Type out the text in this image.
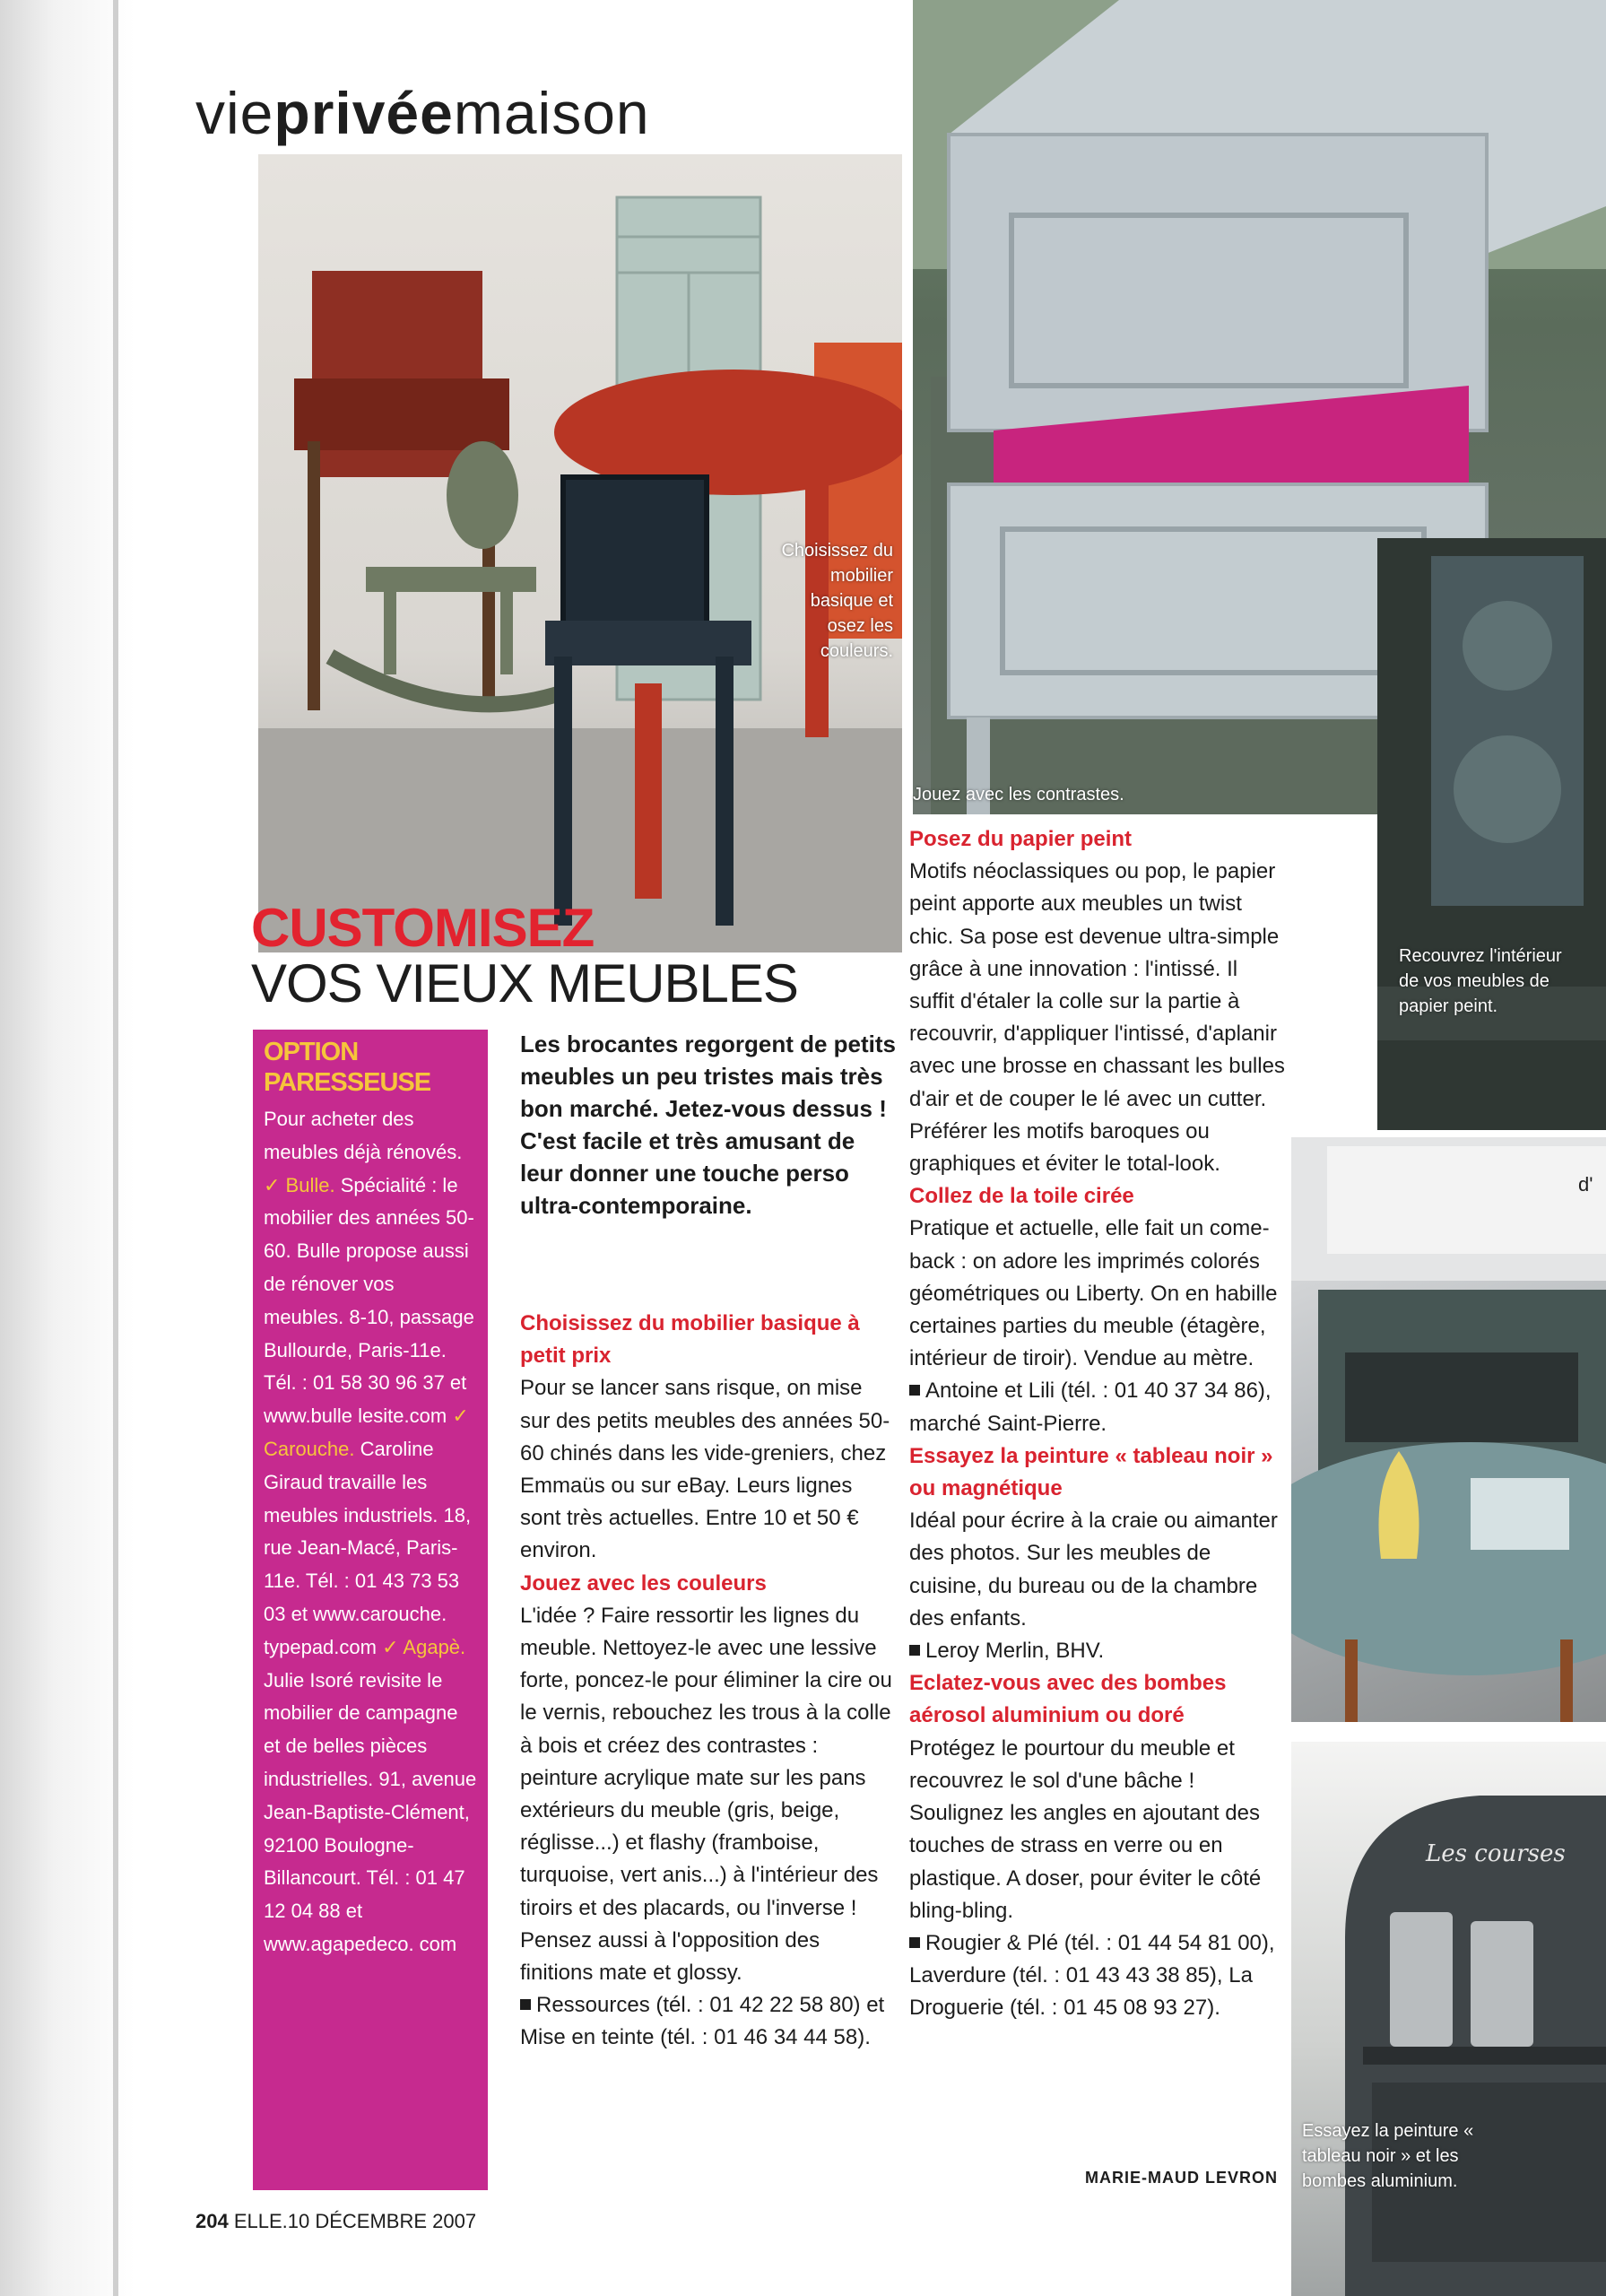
vieprivéemaison
Choisissez du mobilier basique et osez les couleurs.
Jouez avec les contrastes.
Recouvrez l'intérieur de vos meubles de papier peint.
d'
Les courses
Essayez la peinture « tableau noir » et les bombes aluminium.
CUSTOMISEZ
VOS VIEUX MEUBLES
OPTION PARESSEUSE
Pour acheter des meubles déjà rénovés. ✓ Bulle. Spécialité : le mobilier des années 50-60. Bulle propose aussi de rénover vos meubles. 8-10, passage Bullourde, Paris-11e. Tél. : 01 58 30 96 37 et www.bulle lesite.com ✓ Carouche. Caroline Giraud travaille les meubles industriels. 18, rue Jean-Macé, Paris-11e. Tél. : 01 43 73 53 03 et www.carouche. typepad.com ✓ Agapè. Julie Isoré revisite le mobilier de campagne et de belles pièces industrielles. 91, avenue Jean-Baptiste-Clément, 92100 Boulogne-Billancourt. Tél. : 01 47 12 04 88 et www.agapedeco. com
Les brocantes regorgent de petits meubles un peu tristes mais très bon marché. Jetez-vous dessus ! C'est facile et très amusant de leur donner une touche perso ultra-contemporaine.
Choisissez du mobilier basique à petit prix
Pour se lancer sans risque, on mise sur des petits meubles des années 50-60 chinés dans les vide-greniers, chez Emmaüs ou sur eBay. Leurs lignes sont très actuelles. Entre 10 et 50 € environ.
Jouez avec les couleurs
L'idée ? Faire ressortir les lignes du meuble. Nettoyez-le avec une lessive forte, poncez-le pour éliminer la cire ou le vernis, rebouchez les trous à la colle à bois et créez des contrastes : peinture acrylique mate sur les pans extérieurs du meuble (gris, beige, réglisse...) et flashy (framboise, turquoise, vert anis...) à l'intérieur des tiroirs et des placards, ou l'inverse ! Pensez aussi à l'opposition des finitions mate et glossy.
Ressources (tél. : 01 42 22 58 80) et Mise en teinte (tél. : 01 46 34 44 58).
Posez du papier peint
Motifs néoclassiques ou pop, le papier peint apporte aux meubles un twist chic. Sa pose est devenue ultra-simple grâce à une innovation : l'intissé. Il suffit d'étaler la colle sur la partie à recouvrir, d'appliquer l'intissé, d'aplanir avec une brosse en chassant les bulles d'air et de couper le lé avec un cutter. Préférer les motifs baroques ou graphiques et éviter le total-look.
Collez de la toile cirée
Pratique et actuelle, elle fait un come-back : on adore les imprimés colorés géométriques ou Liberty. On en habille certaines parties du meuble (étagère, intérieur de tiroir). Vendue au mètre.
Antoine et Lili (tél. : 01 40 37 34 86), marché Saint-Pierre.
Essayez la peinture « tableau noir » ou magnétique
Idéal pour écrire à la craie ou aimanter des photos. Sur les meubles de cuisine, du bureau ou de la chambre des enfants.
Leroy Merlin, BHV.
Eclatez-vous avec des bombes aérosol aluminium ou doré
Protégez le pourtour du meuble et recouvrez le sol d'une bâche ! Soulignez les angles en ajoutant des touches de strass en verre ou en plastique. A doser, pour éviter le côté bling-bling.
Rougier & Plé (tél. : 01 44 54 81 00), Laverdure (tél. : 01 43 43 38 85), La Droguerie (tél. : 01 45 08 93 27).
MARIE-MAUD LEVRON
204 ELLE.10 DÉCEMBRE 2007
